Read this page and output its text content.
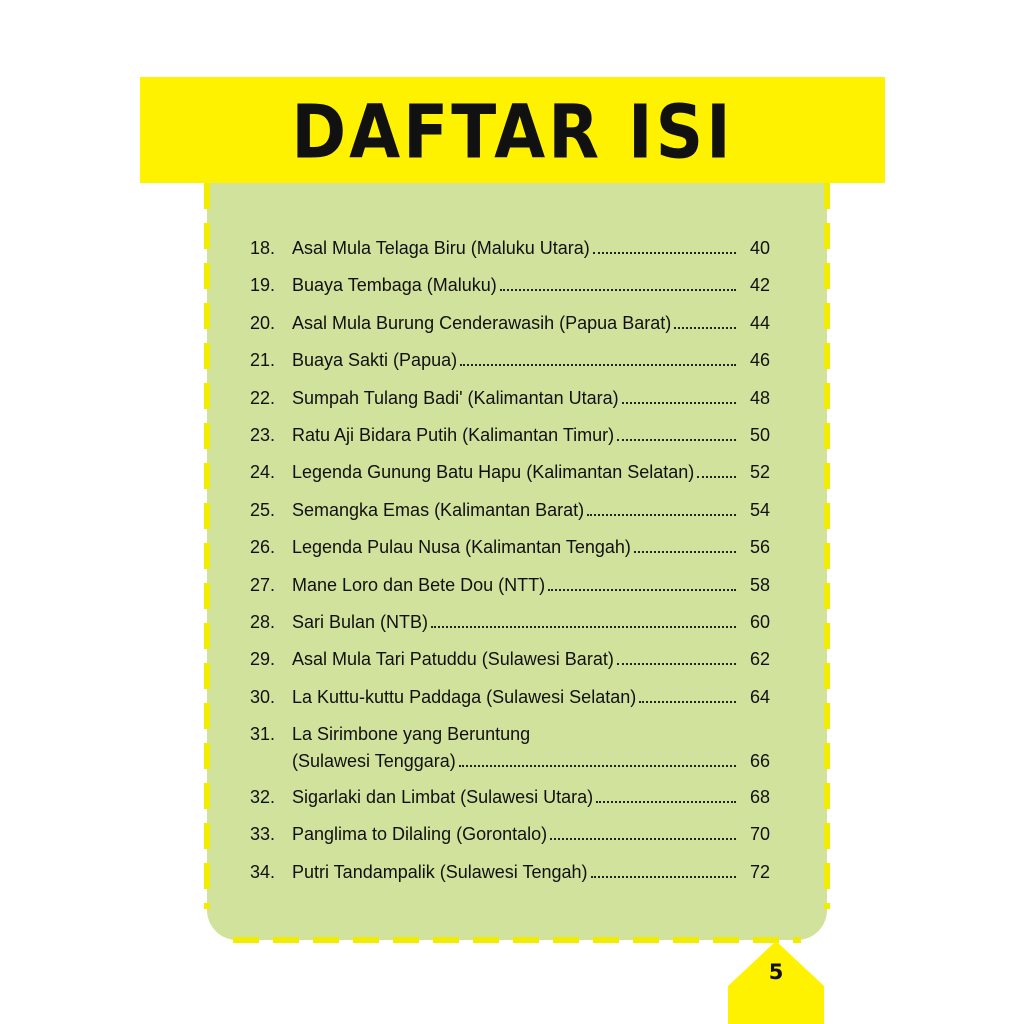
DAFTAR ISI
18. Asal Mula Telaga Biru (Maluku Utara)	40
19. Buaya Tembaga (Maluku)	42
20. Asal Mula Burung Cenderawasih (Papua Barat)	44
21. Buaya Sakti (Papua)	46
22. Sumpah Tulang Badi' (Kalimantan Utara)	48
23. Ratu Aji Bidara Putih (Kalimantan Timur)	50
24. Legenda Gunung Batu Hapu (Kalimantan Selatan)	52
25. Semangka Emas (Kalimantan Barat)	54
26. Legenda Pulau Nusa (Kalimantan Tengah)	56
27. Mane Loro dan Bete Dou (NTT)	58
28. Sari Bulan (NTB)	60
29. Asal Mula Tari Patuddu (Sulawesi Barat)	62
30. La Kuttu-kuttu Paddaga (Sulawesi Selatan)	64
31. La Sirimbone yang Beruntung
(Sulawesi Tenggara)	66
32. Sigarlaki dan Limbat (Sulawesi Utara)	68
33. Panglima to Dilaling (Gorontalo)	70
34. Putri Tandampalik (Sulawesi Tengah)	72
5
